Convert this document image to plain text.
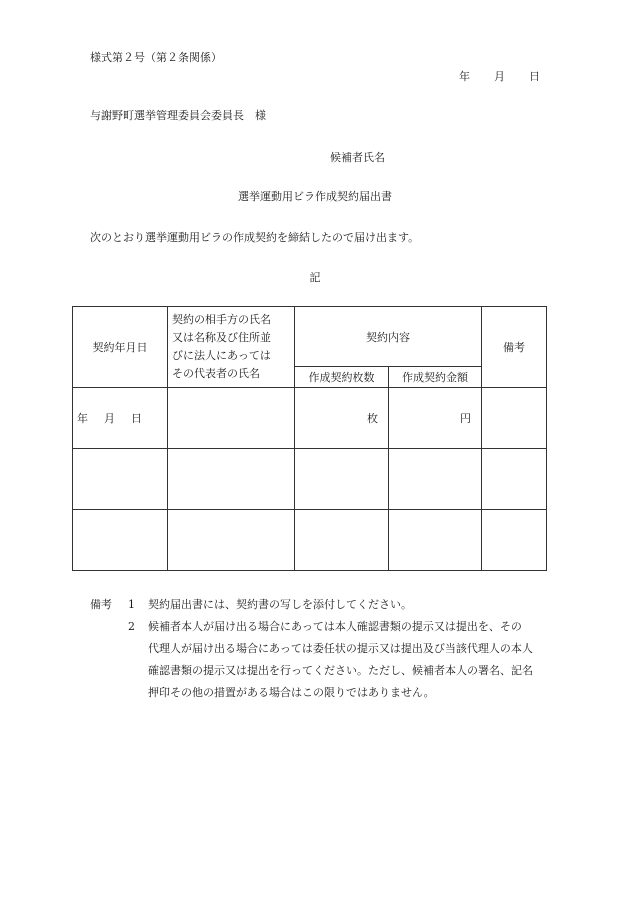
様式第２号（第２条関係）
年 月 日
与謝野町選挙管理委員会委員長　様
候補者氏名
選挙運動用ビラ作成契約届出書
次のとおり選挙運動用ビラの作成契約を締結したので届け出ます。
記
契約年月日	契約の相手方の氏名
又は名称及び住所並
びに法人にあっては
その代表者の氏名	契約内容		備考
		作成契約枚数	作成契約金額	
年 月 日		枚	円	

備考 1 契約届出書には、契約書の写しを添付してください。
2 候補者本人が届け出る場合にあっては本人確認書類の提示又は提出を、その
代理人が届け出る場合にあっては委任状の提示又は提出及び当該代理人の本人
確認書類の提示又は提出を行ってください。ただし、候補者本人の署名、記名
押印その他の措置がある場合はこの限りではありません。
